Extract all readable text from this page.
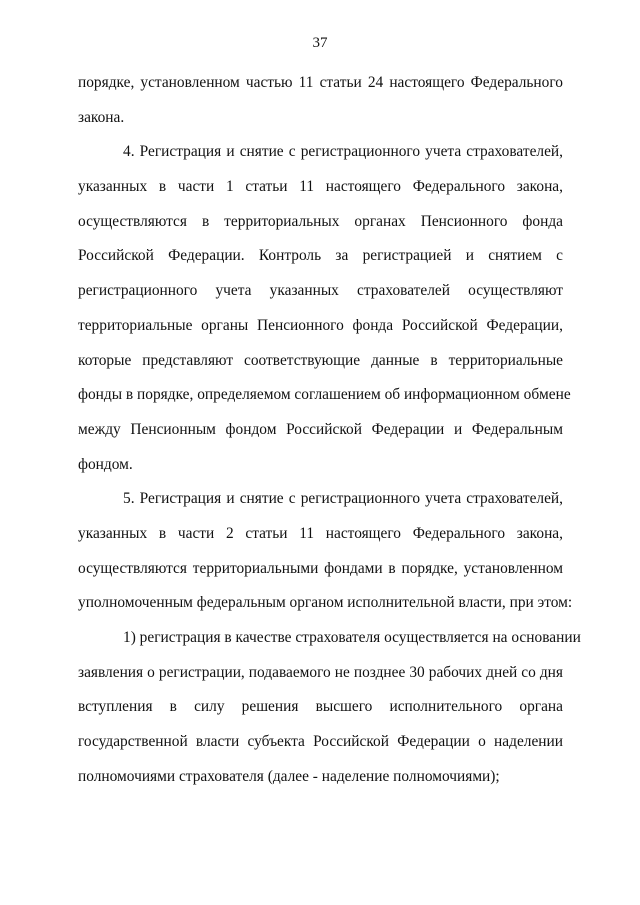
37
порядке, установленном частью 11 статьи 24 настоящего Федерального
закона.
4. Регистрация и снятие с регистрационного учета страхователей,
указанных в части 1 статьи 11 настоящего Федерального закона,
осуществляются в территориальных органах Пенсионного фонда
Российской Федерации. Контроль за регистрацией и снятием с
регистрационного учета указанных страхователей осуществляют
территориальные органы Пенсионного фонда Российской Федерации,
которые представляют соответствующие данные в территориальные
фонды в порядке, определяемом соглашением об информационном обмене
между Пенсионным фондом Российской Федерации и Федеральным
фондом.
5. Регистрация и снятие с регистрационного учета страхователей,
указанных в части 2 статьи 11 настоящего Федерального закона,
осуществляются территориальными фондами в порядке, установленном
уполномоченным федеральным органом исполнительной власти, при этом:
1) регистрация в качестве страхователя осуществляется на основании
заявления о регистрации, подаваемого не позднее 30 рабочих дней со дня
вступления в силу решения высшего исполнительного органа
государственной власти субъекта Российской Федерации о наделении
полномочиями страхователя (далее - наделение полномочиями);
